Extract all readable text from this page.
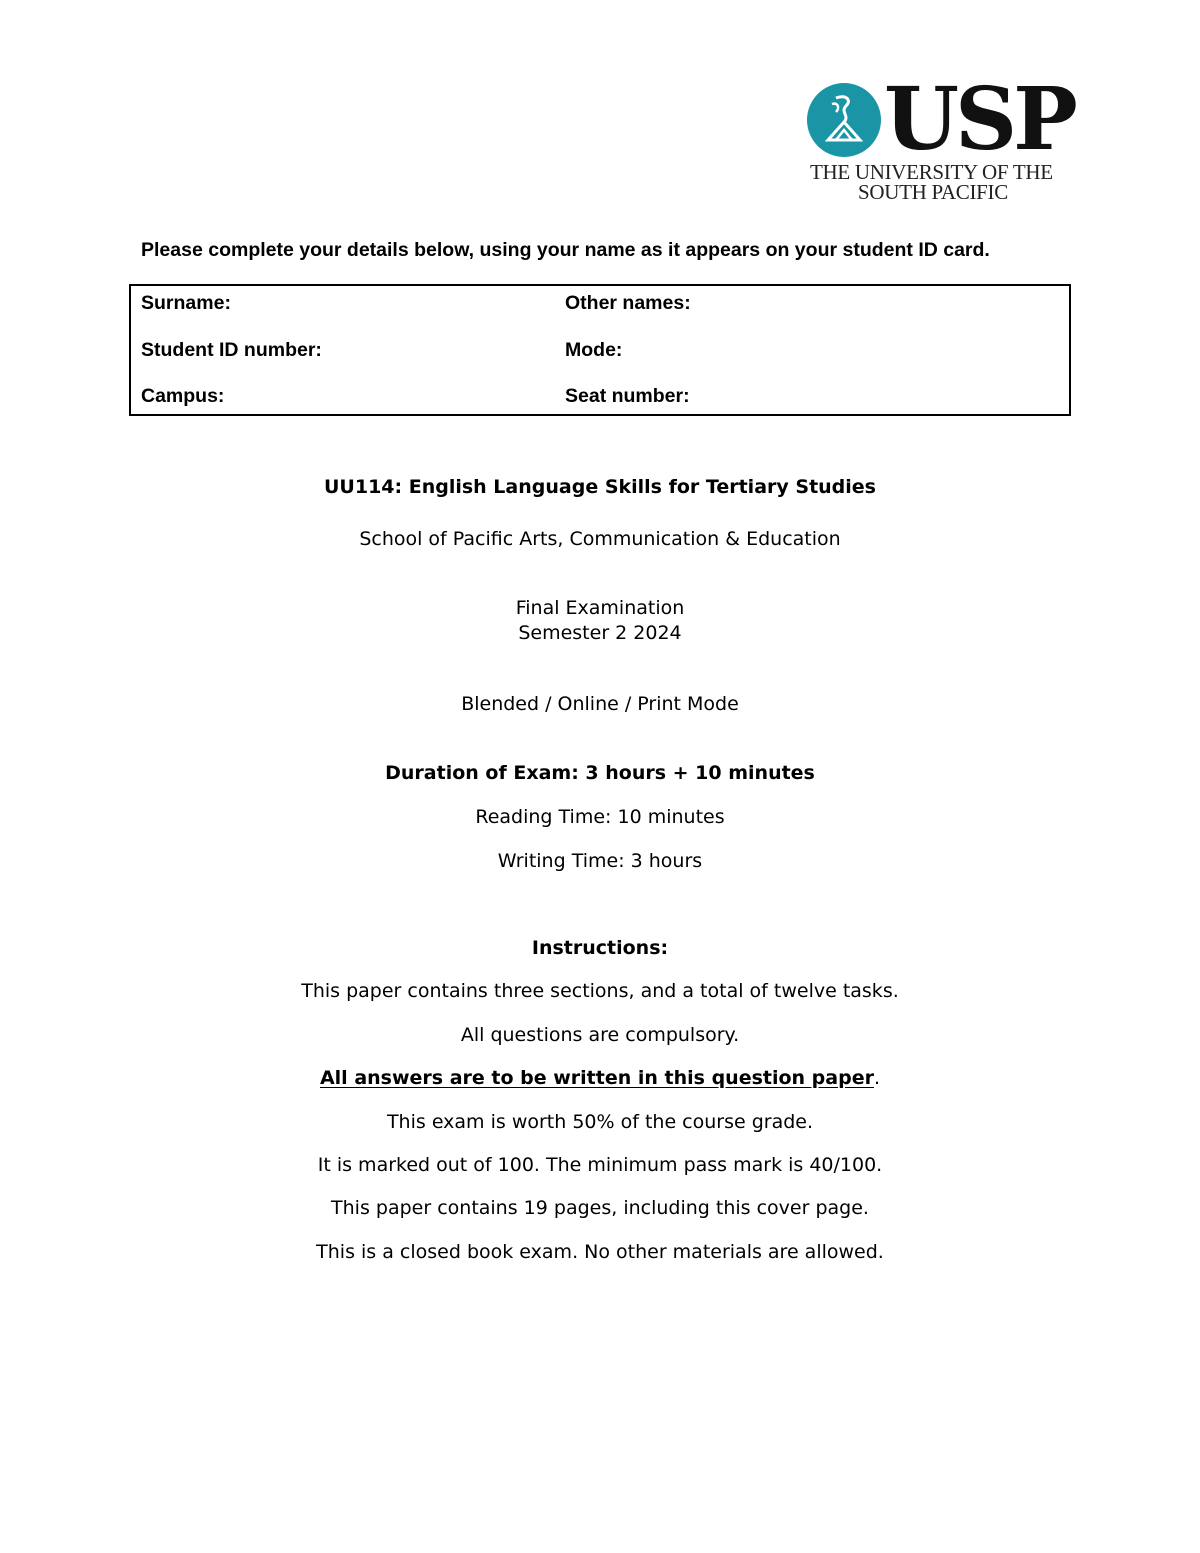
USP
THE UNIVERSITY OF THE
SOUTH PACIFIC
Please complete your details below, using your name as it appears on your student ID card.
Surname:	Other names:
Student ID number:	Mode:
Campus:	Seat number:
UU114: English Language Skills for Tertiary Studies
School of Pacific Arts, Communication & Education
Final Examination
Semester 2 2024
Blended / Online / Print Mode
Duration of Exam: 3 hours + 10 minutes
Reading Time: 10 minutes
Writing Time: 3 hours
Instructions:
This paper contains three sections, and a total of twelve tasks.
All questions are compulsory.
All answers are to be written in this question paper.
This exam is worth 50% of the course grade.
It is marked out of 100. The minimum pass mark is 40/100.
This paper contains 19 pages, including this cover page.
This is a closed book exam. No other materials are allowed.
